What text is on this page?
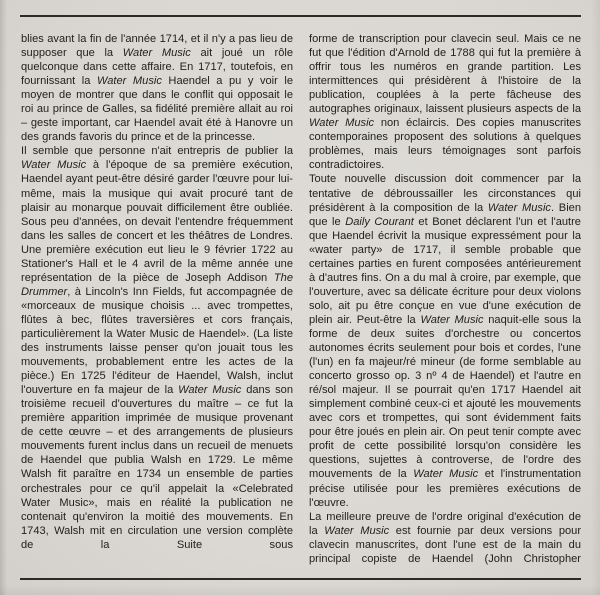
blies avant la fin de l'année 1714, et il n'y a pas lieu de supposer que la Water Music ait joué un rôle quelconque dans cette affaire. En 1717, toutefois, en fournissant la Water Music Haendel a pu y voir le moyen de montrer que dans le conflit qui opposait le roi au prince de Galles, sa fidélité première allait au roi – geste important, car Haendel avait été à Hanovre un des grands favoris du prince et de la princesse.

Il semble que personne n'ait entrepris de publier la Water Music à l'époque de sa première exécution, Haendel ayant peut-être désiré garder l'œuvre pour lui-même, mais la musique qui avait procuré tant de plaisir au monarque pouvait difficilement être oubliée. Sous peu d'années, on devait l'entendre fréquemment dans les salles de concert et les théâtres de Londres. Une première exécution eut lieu le 9 février 1722 au Stationer's Hall et le 4 avril de la même année une représentation de la pièce de Joseph Addison The Drummer, à Lincoln's Inn Fields, fut accompagnée de «morceaux de musique choisis ... avec trompettes, flûtes à bec, flûtes traversières et cors français, particulièrement la Water Music de Haendel». (La liste des instruments laisse penser qu'on jouait tous les mouvements, probablement entre les actes de la pièce.) En 1725 l'éditeur de Haendel, Walsh, inclut l'ouverture en fa majeur de la Water Music dans son troisième recueil d'ouvertures du maître – ce fut la première apparition imprimée de musique provenant de cette œuvre – et des arrangements de plusieurs mouvements furent inclus dans un recueil de menuets de Haendel que publia Walsh en 1729. Le même Walsh fit paraître en 1734 un ensemble de parties orchestrales pour ce qu'il appelait la «Celebrated Water Music», mais en réalité la publication ne contenait qu'environ la moitié des mouvements. En 1743, Walsh mit en circulation une version complète de la Suite sous

forme de transcription pour clavecin seul. Mais ce ne fut que l'édition d'Arnold de 1788 qui fut la première à offrir tous les numéros en grande partition. Les intermittences qui présidèrent à l'histoire de la publication, couplées à la perte fâcheuse des autographes originaux, laissent plusieurs aspects de la Water Music non éclaircis. Des copies manuscrites contemporaines proposent des solutions à quelques problèmes, mais leurs témoignages sont parfois contradictoires.

Toute nouvelle discussion doit commencer par la tentative de débroussailler les circonstances qui présidèrent à la composition de la Water Music. Bien que le Daily Courant et Bonet déclarent l'un et l'autre que Haendel écrivit la musique expressément pour la «water party» de 1717, il semble probable que certaines parties en furent composées antérieurement à d'autres fins. On a du mal à croire, par exemple, que l'ouverture, avec sa délicate écriture pour deux violons solo, ait pu être conçue en vue d'une exécution de plein air. Peut-être la Water Music naquit-elle sous la forme de deux suites d'orchestre ou concertos autonomes écrits seulement pour bois et cordes, l'une (l'un) en fa majeur/ré mineur (de forme semblable au concerto grosso op. 3 nº 4 de Haendel) et l'autre en ré/sol majeur. Il se pourrait qu'en 1717 Haendel ait simplement combiné ceux-ci et ajouté les mouvements avec cors et trompettes, qui sont évidemment faits pour être joués en plein air. On peut tenir compte avec profit de cette possibilité lorsqu'on considère les questions, sujettes à controverse, de l'ordre des mouvements de la Water Music et l'instrumentation précise utilisée pour les premières exécutions de l'œuvre.

La meilleure preuve de l'ordre original d'exécution de la Water Music est fournie par deux versions pour clavecin manuscrites, dont l'une est de la main du principal copiste de Haendel (John Christopher
